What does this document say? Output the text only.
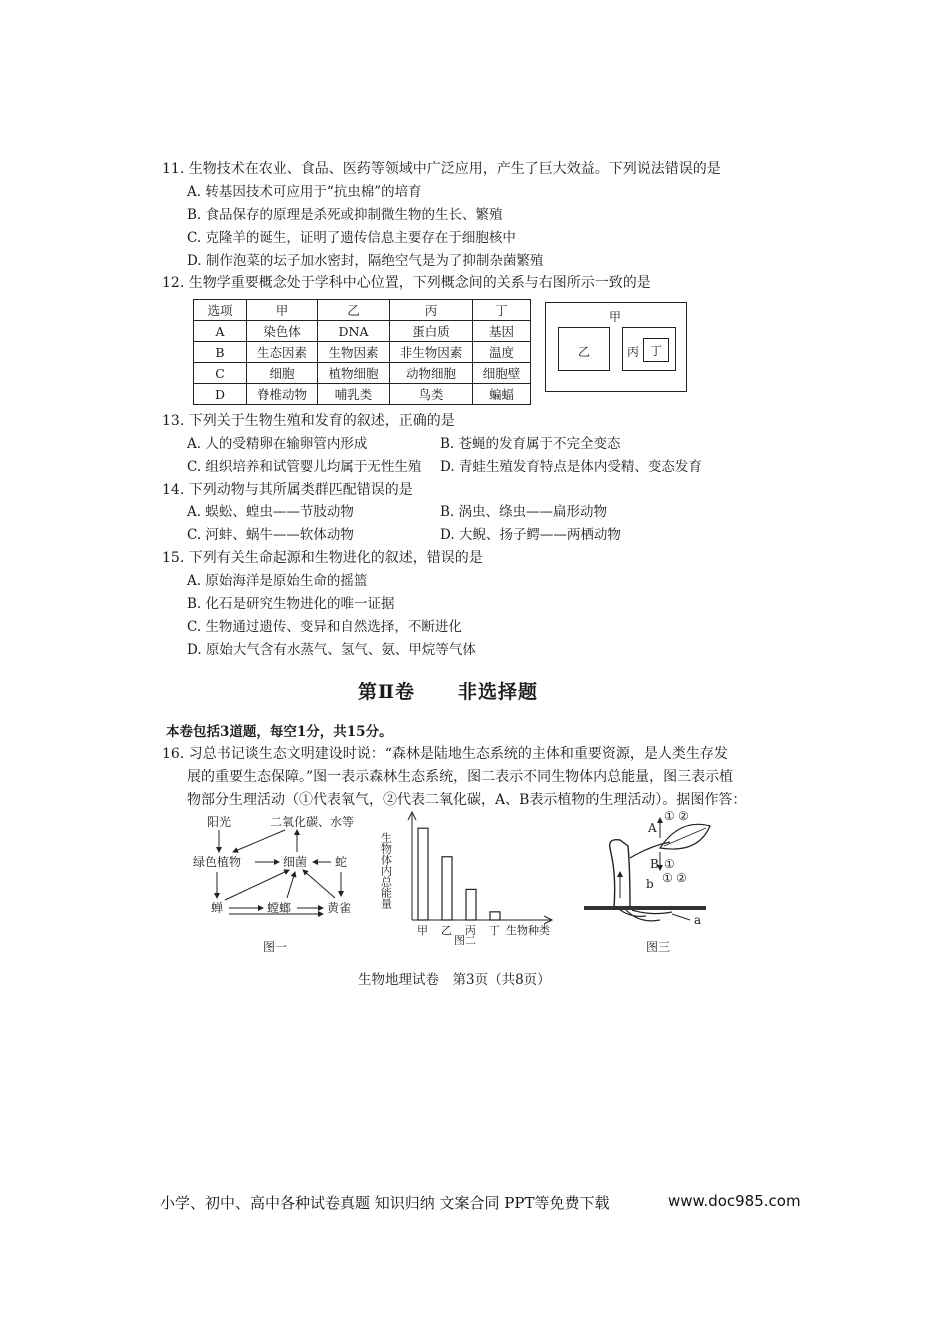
11. 生物技术在农业、食品、医药等领域中广泛应用，产生了巨大效益。下列说法错误的是
A. 转基因技术可应用于“抗虫棉”的培育
B. 食品保存的原理是杀死或抑制微生物的生长、繁殖
C. 克隆羊的诞生，证明了遗传信息主要存在于细胞核中
D. 制作泡菜的坛子加水密封，隔绝空气是为了抑制杂菌繁殖
12. 生物学重要概念处于学科中心位置，下列概念间的关系与右图所示一致的是
选项	甲	乙	丙	丁
A	染色体	DNA	蛋白质	基因
B	生态因素	生物因素	非生物因素	温度
C	细胞	植物细胞	动物细胞	细胞壁
D	脊椎动物	哺乳类	鸟类	蝙蝠
甲
乙	丙 丁
13. 下列关于生物生殖和发育的叙述，正确的是
A. 人的受精卵在输卵管内形成	B. 苍蝇的发育属于不完全变态
C. 组织培养和试管婴儿均属于无性生殖 D. 青蛙生殖发育特点是体内受精、变态发育
14. 下列动物与其所属类群匹配错误的是
A. 蜈蚣、蝗虫——节肢动物	B. 涡虫、绦虫——扁形动物
C. 河蚌、蜗牛——软体动物	D. 大鲵、扬子鳄——两栖动物
15. 下列有关生命起源和生物进化的叙述，错误的是
A. 原始海洋是原始生命的摇篮
B. 化石是研究生物进化的唯一证据
C. 生物通过遗传、变异和自然选择，不断进化
D. 原始大气含有水蒸气、氢气、氨、甲烷等气体
第Ⅱ卷 非选择题
本卷包括3道题，每空1分，共15分。
16. 习总书记谈生态文明建设时说：“森林是陆地生态系统的主体和重要资源，是人类生存发
展的重要生态保障。”图一表示森林生态系统，图二表示不同生物体内总能量，图三表示植
物部分生理活动（①代表氧气，②代表二氧化碳，A、B表示植物的生理活动）。据图作答：
阳光	二氧化碳、水等
绿色植物	细菌 蛇
蝉	螳螂	黄雀
图一
生物体内总能量
甲 乙 丙 丁 生物种类
图二
A
① ②
B ①
① ②
b
a
图三
生物地理试卷　第3页（共8页）
小学、初中、高中各种试卷真题 知识归纳 文案合同 PPT等免费下载	www.doc985.com
